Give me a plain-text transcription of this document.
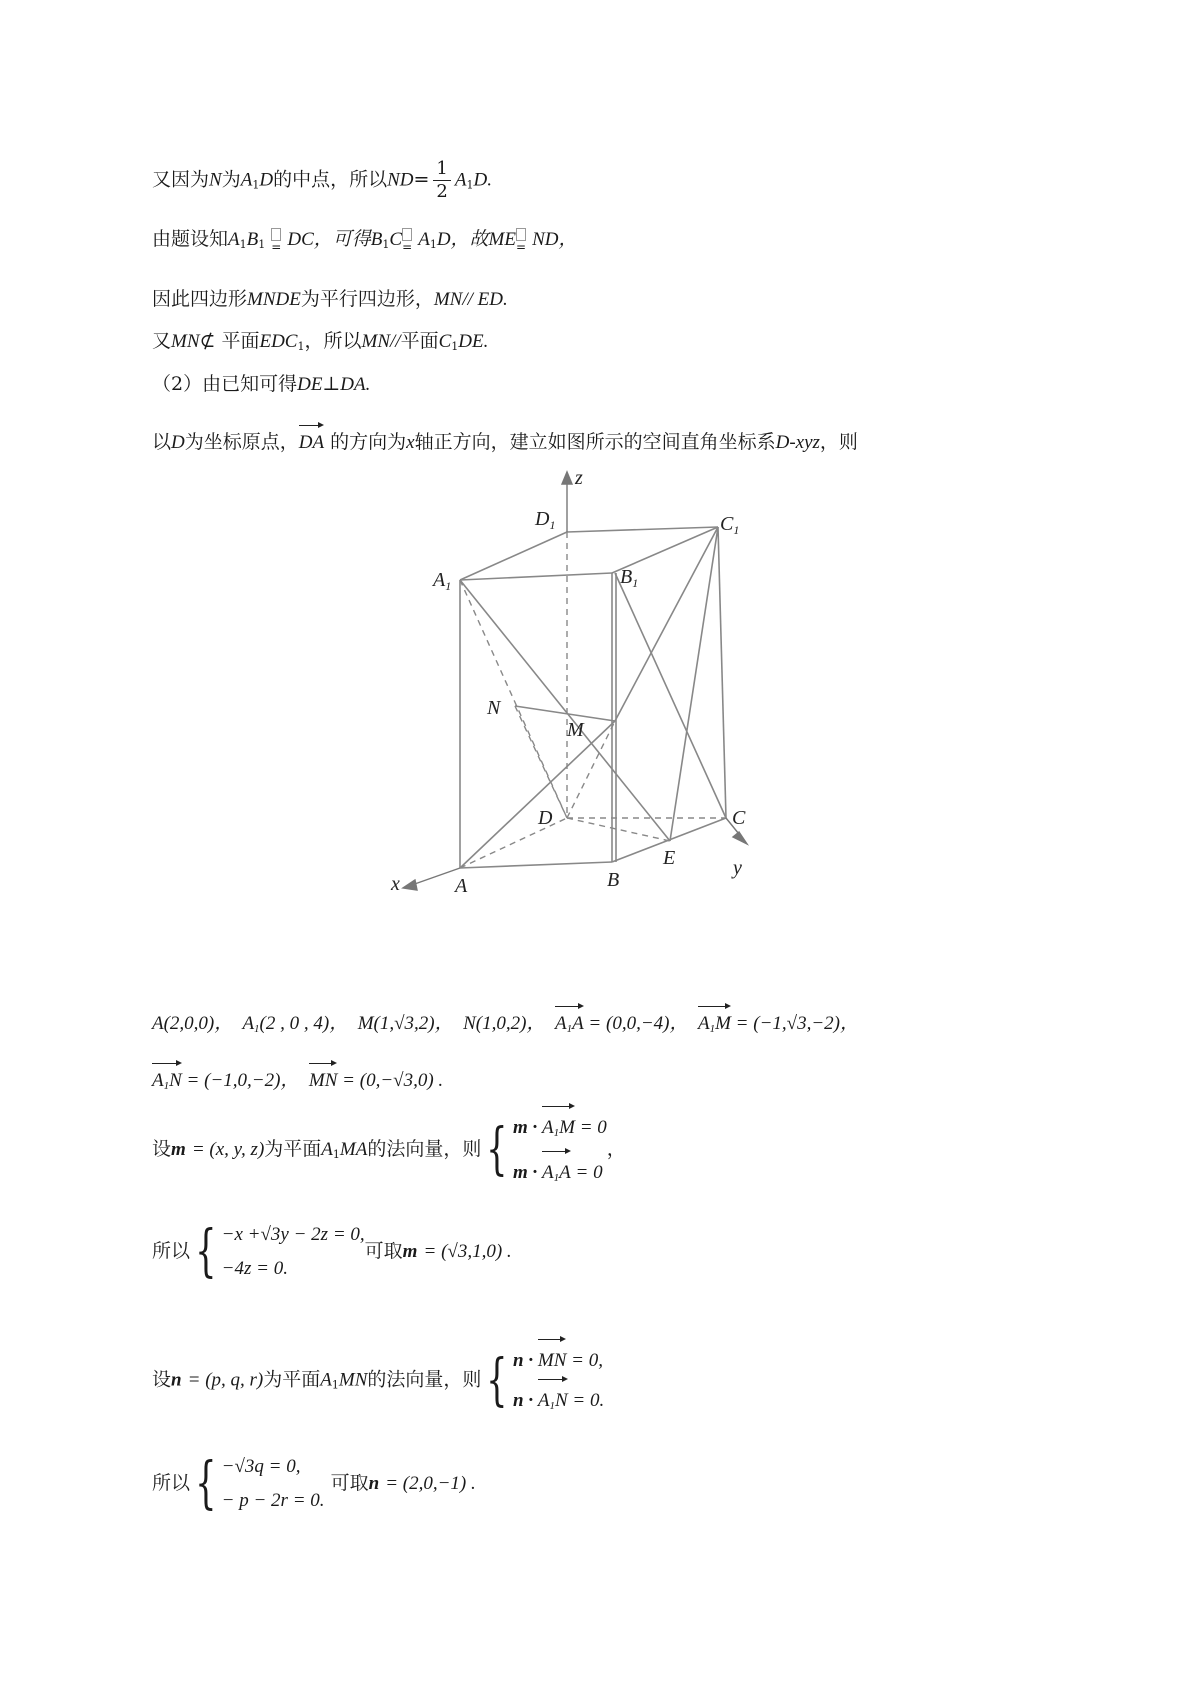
又因为N为$A_1D$的中点，所以$ND= \frac{1}{2} A_1D$.
由题设知$A_1B_1$ = DC，可得$B_1C$
= $A_1D$，故ME
= ND，
因此四边形MNDE为平行四边形，MN// ED.
又MN⊄ 平面$EDC_1$，所以MN//平面$C_1DE$.
（2）由已知可得DE⊥DA.
以D为坐标原点，DA 的方向为x轴正方向，建立如图所示的空间直角坐标系D-xyz，则
z
$D_1$	$C_1$
$A_1$	$B_1$
N
M
D	C
E
x	A	B
y
A(2,0,0)， $A_1(2$ , 0 , 4)， M(1,√3,2)， N(1,0,2)， $A_1A = (0,0,-4)$， $A_1M = (-1,√3,-2)$，
$A_1N = (-1,0,-2)$， MN = (0,−√3,0) .
设m = (x, y, z)为平面$A_1MA$的法向量，则{ $m \cdot A_1M = 0$
$m \cdot A_1A = 0$
，
所以{ −x +√3y − 2z = 0,
−4z = 0.
可取m = (√3,1,0) .
设n = (p, q, r)为平面$A_1MN$的法向量，则{ n · MN = 0,
$n \cdot A_1N = 0$.
所以{ −√3q = 0,
− p − 2r = 0.
可取n = (2,0,−1) .
